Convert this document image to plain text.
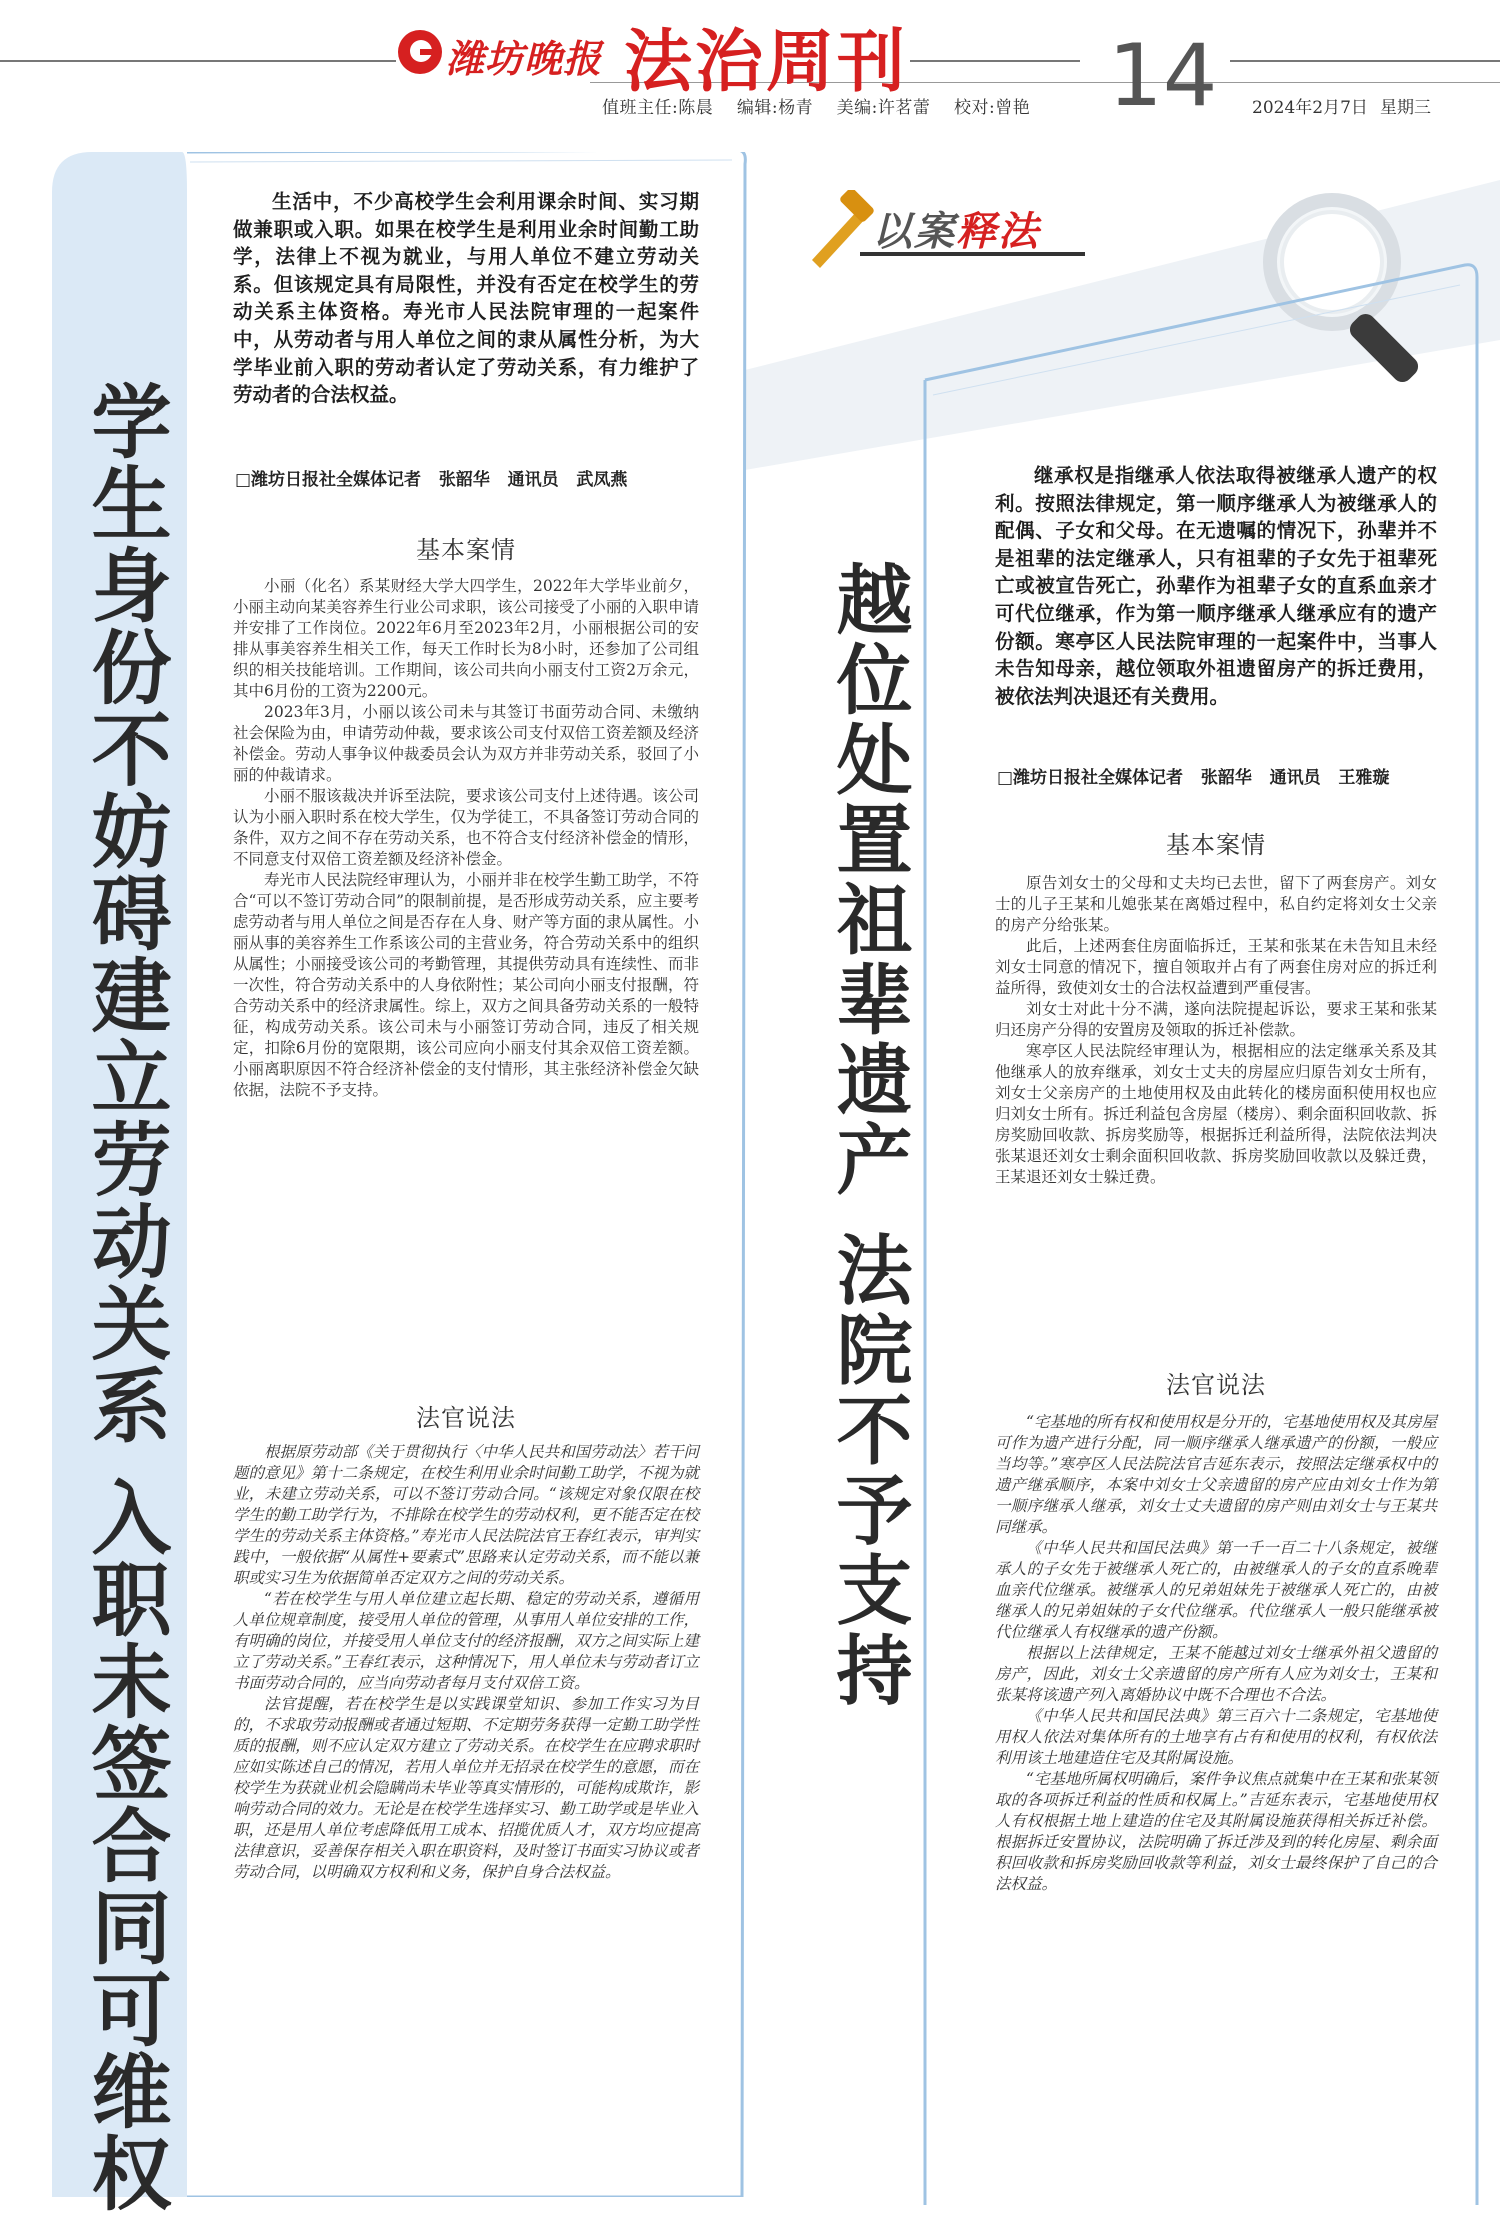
潍坊晚报 法治周刊
值班主任:陈晨    编辑:杨青    美编:许茗蕾    校对:曾艳 14 2024年2月7日 星期三
学生身份不妨碍建立劳动关系 入职未签合同可维权
生活中，不少高校学生会利用课余时间、实习期做兼职或入职。如果在校学生是利用业余时间勤工助学，法律上不视为就业，与用人单位不建立劳动关系。但该规定具有局限性，并没有否定在校学生的劳动关系主体资格。寿光市人民法院审理的一起案件中，从劳动者与用人单位之间的隶从属性分析，为大学毕业前入职的劳动者认定了劳动关系，有力维护了劳动者的合法权益。
□潍坊日报社全媒体记者   张韶华   通讯员   武凤燕
基本案情

小丽（化名）系某财经大学大四学生，2022年大学毕业前夕，小丽主动向某美容养生行业公司求职，该公司接受了小丽的入职申请并安排了工作岗位。2022年6月至2023年2月，小丽根据公司的安排从事美容养生相关工作，每天工作时长为8小时，还参加了公司组织的相关技能培训。工作期间，该公司共向小丽支付工资2万余元，其中6月份的工资为2200元。

2023年3月，小丽以该公司未与其签订书面劳动合同、未缴纳社会保险为由，申请劳动仲裁，要求该公司支付双倍工资差额及经济补偿金。劳动人事争议仲裁委员会认为双方并非劳动关系，驳回了小丽的仲裁请求。

小丽不服该裁决并诉至法院，要求该公司支付上述待遇。该公司认为小丽入职时系在校大学生，仅为学徒工，不具备签订劳动合同的条件，双方之间不存在劳动关系，也不符合支付经济补偿金的情形，不同意支付双倍工资差额及经济补偿金。

寿光市人民法院经审理认为，小丽并非在校学生勤工助学，不符合“可以不签订劳动合同”的限制前提，是否形成劳动关系，应主要考虑劳动者与用人单位之间是否存在人身、财产等方面的隶从属性。小丽从事的美容养生工作系该公司的主营业务，符合劳动关系中的组织从属性；小丽接受该公司的考勤管理，其提供劳动具有连续性、而非一次性，符合劳动关系中的人身依附性；某公司向小丽支付报酬，符合劳动关系中的经济隶属性。综上，双方之间具备劳动关系的一般特征，构成劳动关系。该公司未与小丽签订劳动合同，违反了相关规定，扣除6月份的宽限期，该公司应向小丽支付其余双倍工资差额。小丽离职原因不符合经济补偿金的支付情形，其主张经济补偿金欠缺依据，法院不予支持。

法官说法

根据原劳动部《关于贯彻执行〈中华人民共和国劳动法〉若干问题的意见》第十二条规定，在校生利用业余时间勤工助学，不视为就业，未建立劳动关系，可以不签订劳动合同。“该规定对象仅限在校学生的勤工助学行为，不排除在校学生的劳动权利，更不能否定在校学生的劳动关系主体资格。”寿光市人民法院法官王春红表示，审判实践中，一般依据“从属性+要素式”思路来认定劳动关系，而不能以兼职或实习生为依据简单否定双方之间的劳动关系。

“若在校学生与用人单位建立起长期、稳定的劳动关系，遵循用人单位规章制度，接受用人单位的管理，从事用人单位安排的工作，有明确的岗位，并接受用人单位支付的经济报酬，双方之间实际上建立了劳动关系。”王春红表示，这种情况下，用人单位未与劳动者订立书面劳动合同的，应当向劳动者每月支付双倍工资。

法官提醒，若在校学生是以实践课堂知识、参加工作实习为目的，不求取劳动报酬或者通过短期、不定期劳务获得一定勤工助学性质的报酬，则不应认定双方建立了劳动关系。在校学生在应聘求职时应如实陈述自己的情况，若用人单位并无招录在校学生的意愿，而在校学生为获就业机会隐瞒尚未毕业等真实情形的，可能构成欺诈，影响劳动合同的效力。无论是在校学生选择实习、勤工助学或是毕业入职，还是用人单位考虑降低用工成本、招揽优质人才，双方均应提高法律意识，妥善保存相关入职在职资料，及时签订书面实习协议或者劳动合同，以明确双方权利和义务，保护自身合法权益。

以案释法
越位处置祖辈遗产 法院不予支持
继承权是指继承人依法取得被继承人遗产的权利。按照法律规定，第一顺序继承人为被继承人的配偶、子女和父母。在无遗嘱的情况下，孙辈并不是祖辈的法定继承人，只有祖辈的子女先于祖辈死亡或被宣告死亡，孙辈作为祖辈子女的直系血亲才可代位继承，作为第一顺序继承人继承应有的遗产份额。寒亭区人民法院审理的一起案件中，当事人未告知母亲，越位领取外祖遗留房产的拆迁费用，被依法判决退还有关费用。
□潍坊日报社全媒体记者   张韶华   通讯员   王雅璇
基本案情

原告刘女士的父母和丈夫均已去世，留下了两套房产。刘女士的儿子王某和儿媳张某在离婚过程中，私自约定将刘女士父亲的房产分给张某。

此后，上述两套住房面临拆迁，王某和张某在未告知且未经刘女士同意的情况下，擅自领取并占有了两套住房对应的拆迁利益所得，致使刘女士的合法权益遭到严重侵害。

刘女士对此十分不满，遂向法院提起诉讼，要求王某和张某归还房产分得的安置房及领取的拆迁补偿款。

寒亭区人民法院经审理认为，根据相应的法定继承关系及其他继承人的放弃继承，刘女士丈夫的房屋应归原告刘女士所有，刘女士父亲房产的土地使用权及由此转化的楼房面积使用权也应归刘女士所有。拆迁利益包含房屋（楼房）、剩余面积回收款、拆房奖励回收款、拆房奖励等，根据拆迁利益所得，法院依法判决张某退还刘女士剩余面积回收款、拆房奖励回收款以及躲迁费，王某退还刘女士躲迁费。

法官说法

“宅基地的所有权和使用权是分开的，宅基地使用权及其房屋可作为遗产进行分配，同一顺序继承人继承遗产的份额，一般应当均等。”寒亭区人民法院法官吉延东表示，按照法定继承权中的遗产继承顺序，本案中刘女士父亲遗留的房产应由刘女士作为第一顺序继承人继承，刘女士丈夫遗留的房产则由刘女士与王某共同继承。

《中华人民共和国民法典》第一千一百二十八条规定，被继承人的子女先于被继承人死亡的，由被继承人的子女的直系晚辈血亲代位继承。被继承人的兄弟姐妹先于被继承人死亡的，由被继承人的兄弟姐妹的子女代位继承。代位继承人一般只能继承被代位继承人有权继承的遗产份额。

根据以上法律规定，王某不能越过刘女士继承外祖父遗留的房产，因此，刘女士父亲遗留的房产所有人应为刘女士，王某和张某将该遗产列入离婚协议中既不合理也不合法。

《中华人民共和国民法典》第三百六十二条规定，宅基地使用权人依法对集体所有的土地享有占有和使用的权利，有权依法利用该土地建造住宅及其附属设施。

“宅基地所属权明确后，案件争议焦点就集中在王某和张某领取的各项拆迁利益的性质和权属上。”吉延东表示，宅基地使用权人有权根据土地上建造的住宅及其附属设施获得相关拆迁补偿。根据拆迁安置协议，法院明确了拆迁涉及到的转化房屋、剩余面积回收款和拆房奖励回收款等利益，刘女士最终保护了自己的合法权益。
